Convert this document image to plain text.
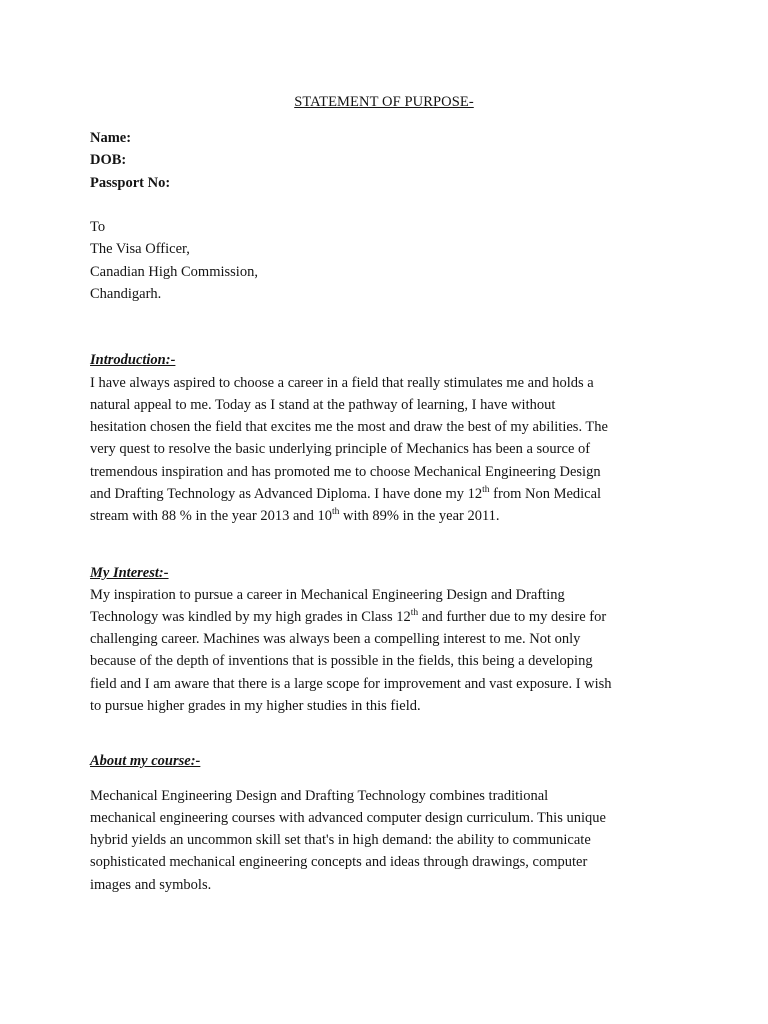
STATEMENT OF PURPOSE-
Name:
DOB:
Passport No:
To
The Visa Officer,
Canadian High Commission,
Chandigarh.
Introduction:-
I have always aspired to choose a career in a field that really stimulates me and holds a
natural appeal to me. Today as I stand at the pathway of learning, I have without
hesitation chosen the field that excites me the most and draw the best of my abilities. The
very quest to resolve the basic underlying principle of Mechanics has been a source of
tremendous inspiration and has promoted me to choose Mechanical Engineering Design
and Drafting Technology as Advanced Diploma. I have done my 12th from Non Medical
stream with 88 % in the year 2013 and 10th with 89% in the year 2011.
My Interest:-
My inspiration to pursue a career in Mechanical Engineering Design and Drafting
Technology was kindled by my high grades in Class 12th and further due to my desire for
challenging career. Machines was always been a compelling interest to me. Not only
because of the depth of inventions that is possible in the fields, this being a developing
field and I am aware that there is a large scope for improvement and vast exposure. I wish
to pursue higher grades in my higher studies in this field.
About my course:-
Mechanical Engineering Design and Drafting Technology combines traditional
mechanical engineering courses with advanced computer design curriculum. This unique
hybrid yields an uncommon skill set that's in high demand: the ability to communicate
sophisticated mechanical engineering concepts and ideas through drawings, computer
images and symbols.
